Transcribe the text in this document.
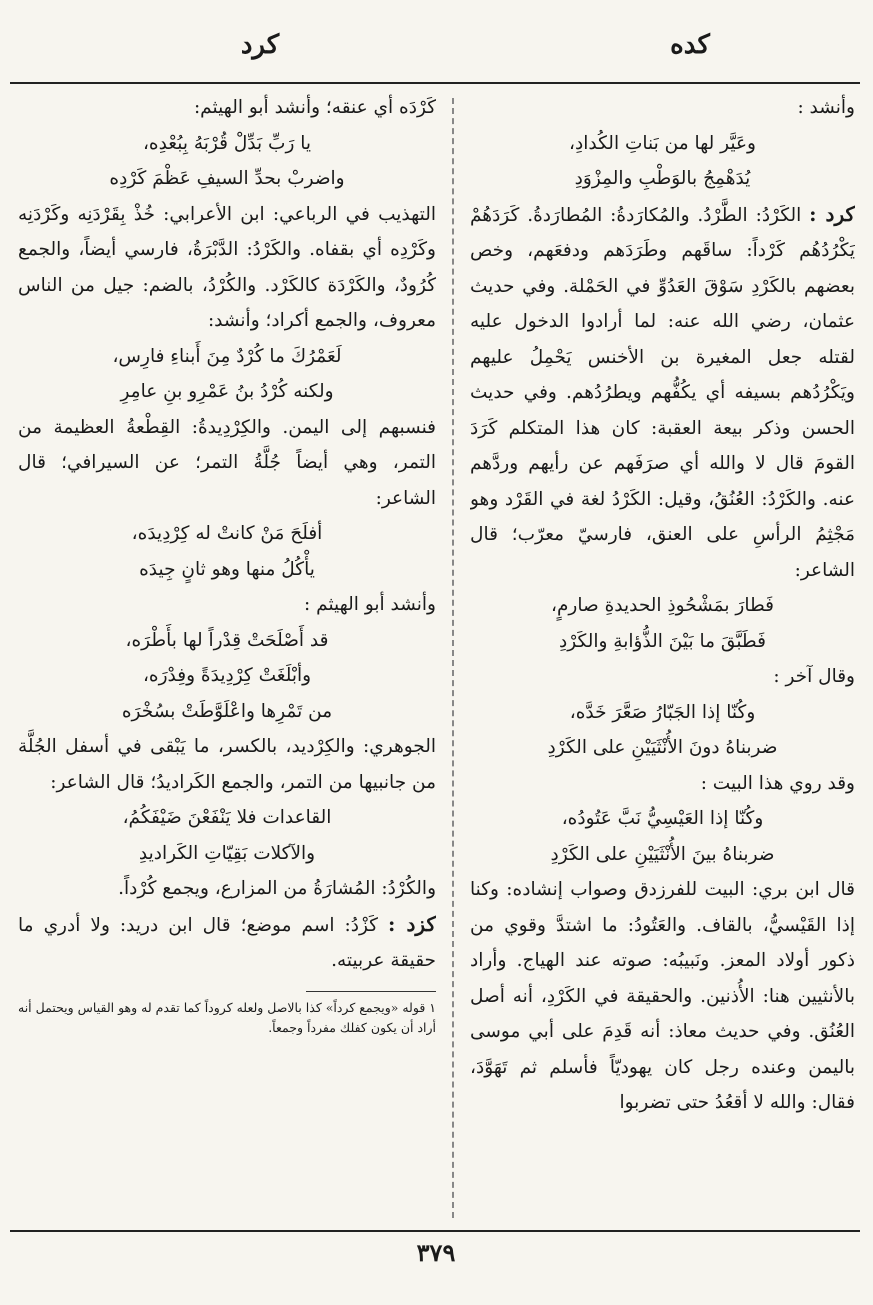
كده
كرد

وأنشد :

وعَيَّر لها من بَناتِ الكُدادِ،

يُدَهْمِجُ بالوَطْبِ والمِزْوَدِ

كرد : الكَرْدُ: الطَّرْدُ. والمُكارَدةُ: المُطارَدةُ. كَرَدَهُمْ يَكْرُدُهُم كَرْداً: ساقَهم وطَرَدَهم ودفعَهم، وخص بعضهم بالكَرْدِ سَوْقَ العَدُوِّ في الحَمْلة. وفي حديث عثمان، رضي الله عنه: لما أرادوا الدخول عليه لقتله جعل المغيرة بن الأخنس يَحْمِلُ عليهم ويَكْرُدُهم بسيفه أي يكُفُّهم ويطرُدُهم. وفي حديث الحسن وذكر بيعة العقبة: كان هذا المتكلم كَرَدَ القومَ قال لا والله أي صرَفَهم عن رأيهم وردَّهم عنه. والكَرْدُ: العُنُقُ، وقيل: الكَرْدُ لغة في القَرْد وهو مَجْثِمُ الرأسِ على العنق، فارسيّ معرّب؛ قال الشاعر:

فَطارَ بمَشْحُوذِ الحديدةِ صارمٍ،

فَطَبَّقَ ما بَيْنَ الذُّؤابةِ والكَرْدِ

وقال آخر :

وكُنّا إذا الجَبّارُ صَعَّرَ خَدَّه،

ضربناهُ دونَ الأُنْثَيَيْنِ على الكَرْدِ

وقد روي هذا البيت :

وكُنّا إذا العَيْسِيُّ نَبَّ عَتُودُه،

ضربناهُ بينَ الأُنْثَيَيْنِ على الكَرْدِ

قال ابن بري: البيت للفرزدق وصواب إنشاده: وكنا إذا القَيْسيُّ، بالقاف. والعَتُودُ: ما اشتدَّ وقوي من ذكور أولاد المعز. ونَبيبُه: صوته عند الهياج. وأراد بالأنثيين هنا: الأُذنين. والحقيقة في الكَرْدِ، أنه أصل العُنُق. وفي حديث معاذ: أنه قَدِمَ على أبي موسى باليمن وعنده رجل كان يهوديّاً فأسلم ثم تَهَوَّدَ، فقال: والله لا أقعُدُ حتى تضربوا

كَرْدَه أي عنقه؛ وأنشد أبو الهيثم:

يا رَبِّ بَدِّلْ قُرْبَهُ بِبُعْدِه،

واضربْ بحدِّ السيفِ عَظْمَ كَرْدِه

التهذيب في الرباعي: ابن الأعرابي: خُذْ بِقَرْدَنِه وكَرْدَنِه وكَرْدِه أي بقفاه. والكَرْدُ: الدَّبْرَةُ، فارسي أيضاً، والجمع كُرُودٌ، والكَرْدَة كالكَرْد. والكُرْدُ، بالضم: جيل من الناس معروف، والجمع أكراد؛ وأنشد:

لَعَمْرُكَ ما كُرْدٌ مِنَ أَبناءِ فارِس،

ولكنه كُرْدُ بنُ عَمْرِو بنِ عامِرِ

فنسبهم إلى اليمن. والكِرْدِيدةُ: القِطْعةُ العظيمة من التمر، وهي أيضاً جُلَّةُ التمر؛ عن السيرافي؛ قال الشاعر:

أفلَحَ مَنْ كانتْ له كِرْدِيدَه،

يأْكُلُ منها وهو ثانٍ جِيدَه

وأنشد أبو الهيثم :

قد أَصْلَحَتْ قِدْراً لها بأَطْرَه،

وأبْلَغَتْ كِرْدِيدَةً وفِدْرَه،

من تَمْرِها واعْلَوَّطَتْ بسُخْرَه

الجوهري: والكِرْديد، بالكسر، ما يَبْقى في أسفل الجُلَّة من جانبيها من التمر، والجمع الكَراديدُ؛ قال الشاعر:

القاعدات فلا يَنْفَعْنَ ضَيْفَكُمُ،

والآكلات بَقِيّاتِ الكَراديدِ

والكُرْدُ: المُشارَةُ من المزارع، ويجمع كُرْداً.

كزد : كَزْدُ: اسم موضع؛ قال ابن دريد: ولا أدري ما حقيقة عربيته.

١ قوله «ويجمع كرداً» كذا بالاصل ولعله كروداً كما تقدم له وهو القياس ويحتمل أنه أراد أن يكون كفلك مفرداً وجمعاً.

٣٧٩
